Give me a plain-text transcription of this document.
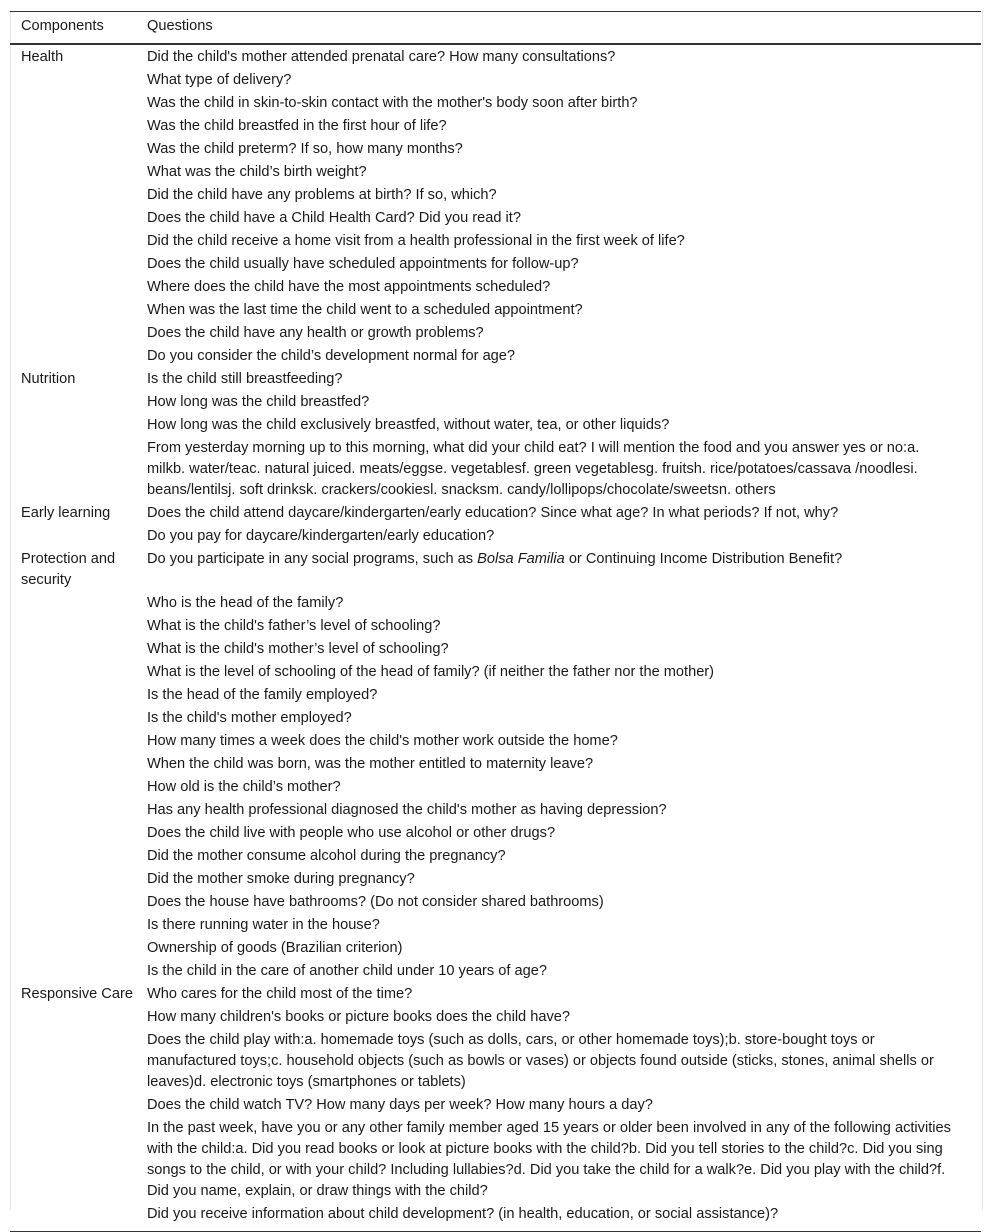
Components	Questions
Health	Did the child's mother attended prenatal care? How many consultations?
	What type of delivery?
	Was the child in skin-to-skin contact with the mother's body soon after birth?
	Was the child breastfed in the first hour of life?
	Was the child preterm? If so, how many months?
	What was the child’s birth weight?
	Did the child have any problems at birth? If so, which?
	Does the child have a Child Health Card? Did you read it?
	Did the child receive a home visit from a health professional in the first week of life?
	Does the child usually have scheduled appointments for follow-up?
	Where does the child have the most appointments scheduled?
	When was the last time the child went to a scheduled appointment?
	Does the child have any health or growth problems?
	Do you consider the child’s development normal for age?
Nutrition	Is the child still breastfeeding?
	How long was the child breastfed?
	How long was the child exclusively breastfed, without water, tea, or other liquids?
	From yesterday morning up to this morning, what did your child eat? I will mention the food and you answer yes or no:a. milkb. water/teac. natural juiced. meats/eggse. vegetablesf. green vegetablesg. fruitsh. rice/potatoes/cassava /noodlesi. beans/lentilsj. soft drinksk. crackers/cookiesl. snacksm. candy/lollipops/chocolate/sweetsn. others
Early learning	Does the child attend daycare/kindergarten/early education? Since what age? In what periods? If not, why?
	Do you pay for daycare/kindergarten/early education?
Protection and security	Do you participate in any social programs, such as Bolsa Familia or Continuing Income Distribution Benefit?
	Who is the head of the family?
	What is the child's father’s level of schooling?
	What is the child's mother’s level of schooling?
	What is the level of schooling of the head of family? (if neither the father nor the mother)
	Is the head of the family employed?
	Is the child's mother employed?
	How many times a week does the child's mother work outside the home?
	When the child was born, was the mother entitled to maternity leave?
	How old is the child’s mother?
	Has any health professional diagnosed the child's mother as having depression?
	Does the child live with people who use alcohol or other drugs?
	Did the mother consume alcohol during the pregnancy?
	Did the mother smoke during pregnancy?
	Does the house have bathrooms? (Do not consider shared bathrooms)
	Is there running water in the house?
	Ownership of goods (Brazilian criterion)
	Is the child in the care of another child under 10 years of age?
Responsive Care	Who cares for the child most of the time?
	How many children's books or picture books does the child have?
	Does the child play with:a. homemade toys (such as dolls, cars, or other homemade toys);b. store-bought toys or manufactured toys;c. household objects (such as bowls or vases) or objects found outside (sticks, stones, animal shells or leaves)d. electronic toys (smartphones or tablets)
	Does the child watch TV? How many days per week? How many hours a day?
	In the past week, have you or any other family member aged 15 years or older been involved in any of the following activities with the child:a. Did you read books or look at picture books with the child?b. Did you tell stories to the child?c. Did you sing songs to the child, or with your child? Including lullabies?d. Did you take the child for a walk?e. Did you play with the child?f. Did you name, explain, or draw things with the child?
	Did you receive information about child development? (in health, education, or social assistance)?
